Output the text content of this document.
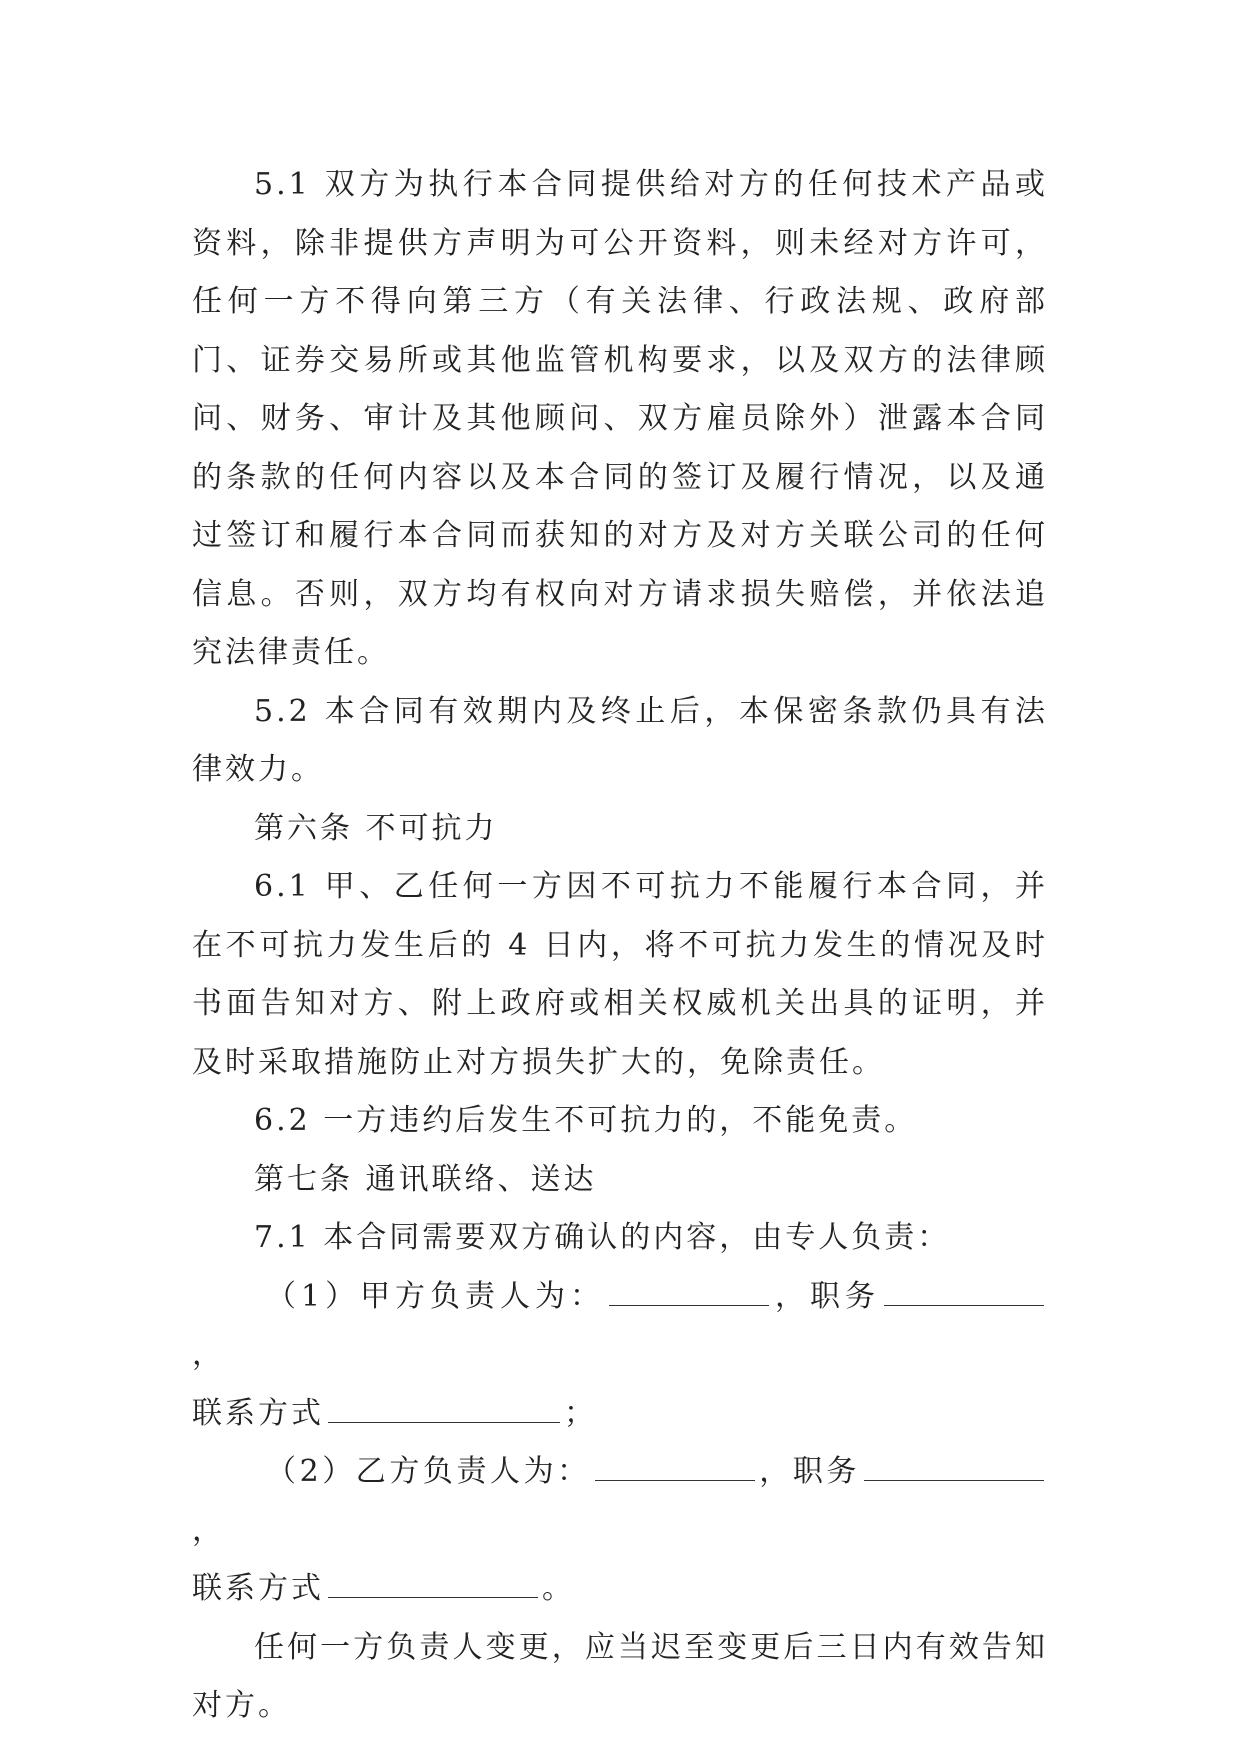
5.1 双方为执行本合同提供给对方的任何技术产品或资料，除非提供方声明为可公开资料，则未经对方许可，任何一方不得向第三方（有关法律、行政法规、政府部门、证券交易所或其他监管机构要求，以及双方的法律顾问、财务、审计及其他顾问、双方雇员除外）泄露本合同的条款的任何内容以及本合同的签订及履行情况，以及通过签订和履行本合同而获知的对方及对方关联公司的任何信息。否则，双方均有权向对方请求损失赔偿，并依法追究法律责任。

5.2 本合同有效期内及终止后，本保密条款仍具有法律效力。

第六条 不可抗力

6.1 甲、乙任何一方因不可抗力不能履行本合同，并在不可抗力发生后的 4 日内，将不可抗力发生的情况及时书面告知对方、附上政府或相关权威机关出具的证明，并及时采取措施防止对方损失扩大的，免除责任。

6.2 一方违约后发生不可抗力的，不能免责。

第七条 通讯联络、送达

7.1 本合同需要双方确认的内容，由专人负责：

（1）甲方负责人为：	，职务，
联系方式	；

（2）乙方负责人为：	，职务，
联系方式	。

任何一方负责人变更，应当迟至变更后三日内有效告知对方。
